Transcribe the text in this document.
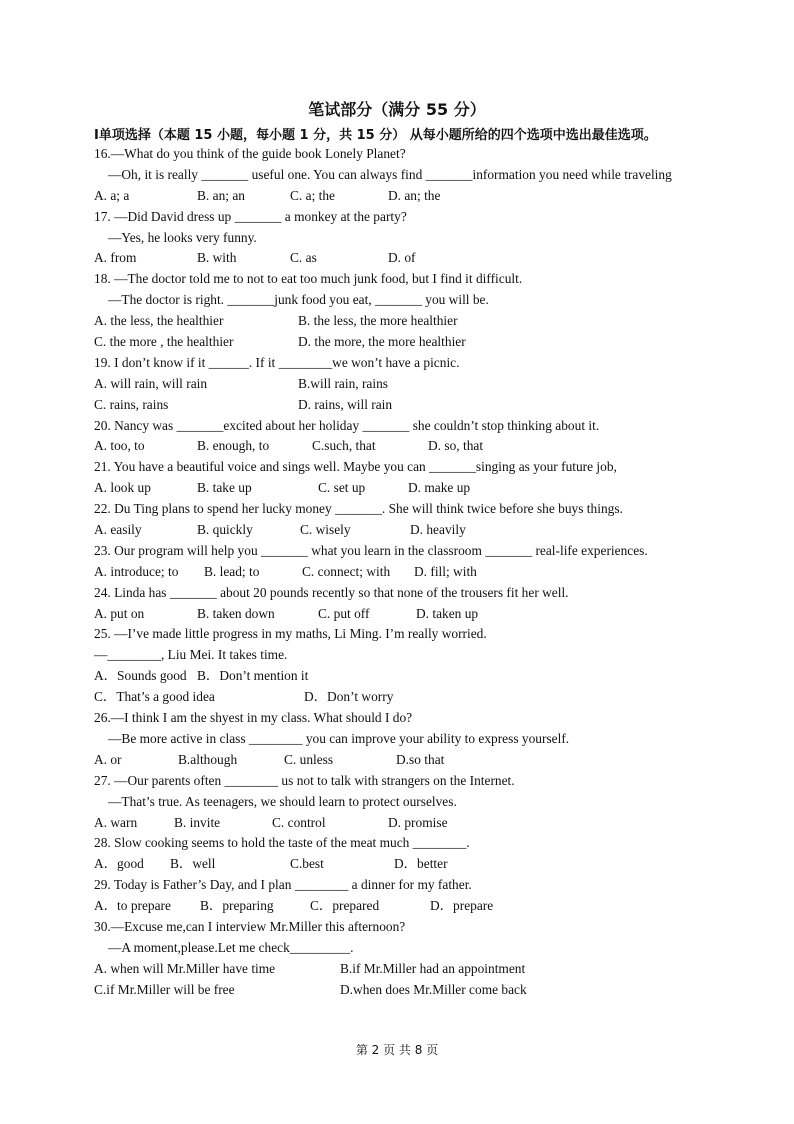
笔试部分（满分 55 分）
Ⅰ单项选择（本题 15 小题，每小题 1 分，共 15 分） 从每小题所给的四个选项中选出最佳选项。
16.—What do you think of the guide book Lonely Planet?
—Oh, it is really _______ useful one. You can always find _______information you need while traveling
A. a; a	B. an; an	C. a; the	D. an; the
17. —Did David dress up _______ a monkey at the party?
—Yes, he looks very funny.
A. from	B. with	C. as	D. of
18. —The doctor told me to not to eat too much junk food, but I find it difficult.
—The doctor is right. _______junk food you eat, _______ you will be.
A. the less, the healthier	B. the less, the more healthier
C. the more , the healthier	D. the more, the more healthier
19. I don’t know if it ______. If it ________we won’t have a picnic.
A. will rain, will rain	B.will rain, rains
C. rains, rains	D. rains, will rain
20. Nancy was _______excited about her holiday _______ she couldn’t stop thinking about it.
A. too, to	B. enough, to	C.such, that	D. so, that
21. You have a beautiful voice and sings well. Maybe you can _______singing as your future job,
A. look up	B. take up	C. set up	D. make up
22. Du Ting plans to spend her lucky money _______. She will think twice before she buys things.
A. easily	B. quickly	C. wisely	D. heavily
23. Our program will help you _______ what you learn in the classroom _______ real-life experiences.
A. introduce; to B. lead; to	C. connect; with D. fill; with
24. Linda has _______ about 20 pounds recently so that none of the trousers fit her well.
A. put on	B. taken down	C. put off	D. taken up
25. —I’ve made little progress in my maths, Li Ming. I’m really worried.
—________, Liu Mei. It takes time.
A．Sounds good B．Don’t mention it
C．That’s a good idea	D．Don’t worry
26.—I think I am the shyest in my class. What should I do?
—Be more active in class ________ you can improve your ability to express yourself.
A. or	B.although	C. unless	D.so that
27. —Our parents often ________ us not to talk with strangers on the Internet.
—That’s true. As teenagers, we should learn to protect ourselves.
A. warn	B. invite	C. control	D. promise
28. Slow cooking seems to hold the taste of the meat much ________.
A．good B．well	C.best	D．better
29. Today is Father’s Day, and I plan ________ a dinner for my father.
A．to prepare B．preparing	C．prepared	D．prepare
30.—Excuse me,can I interview Mr.Miller this afternoon?
—A moment,please.Let me check_________.
A. when will Mr.Miller have time	B.if Mr.Miller had an appointment
C.if Mr.Miller will be free	D.when does Mr.Miller come back
第 2 页 共 8 页
